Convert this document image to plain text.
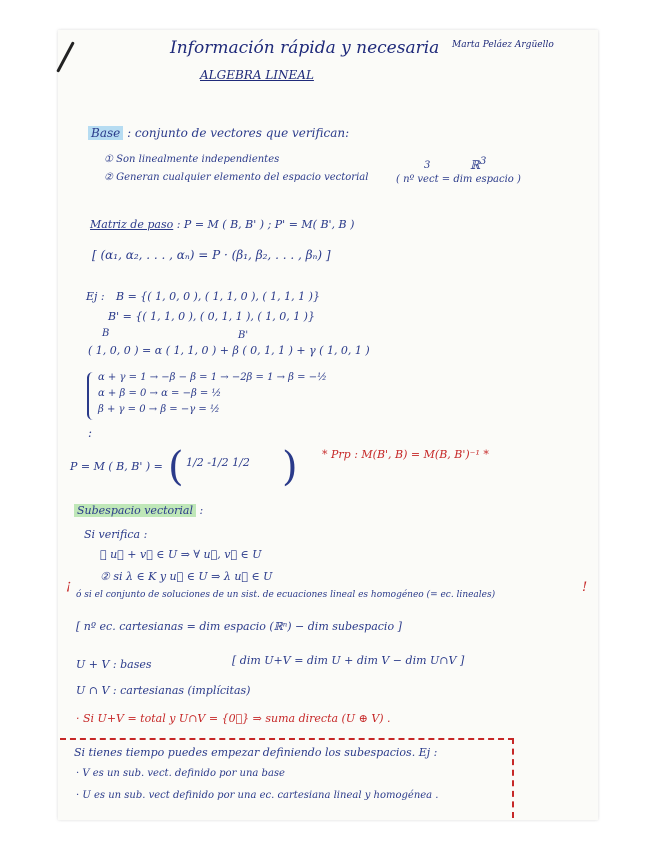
Información rápida y necesaria
ALGEBRA LINEAL
Marta Peláez Argüello
Base : conjunto de vectores que verifican:
① Son linealmente independientes
3	ℝ$^3$
② Generan cualquier elemento del espacio vectorial	( nº vect = dim espacio )
Matriz de paso : P = M ( B, B' ) ; P' = M( B', B )
[ (α₁, α₂, . . . , αₙ) = P · (β₁, β₂, . . . , βₙ) ]
Ej : B = {( 1, 0, 0 ), ( 1, 1, 0 ), ( 1, 1, 1 )}
B' = {( 1, 1, 0 ), ( 0, 1, 1 ), ( 1, 0, 1 )}
B	B'
( 1, 0, 0 ) = α ( 1, 1, 0 ) + β ( 0, 1, 1 ) + γ ( 1, 0, 1 )
α + γ = 1 → −β − β = 1 → −2β = 1 → β = −½
α + β = 0 → α = −β = ½
β + γ = 0 → β = −γ = ½
:
P = M ( B, B' ) = ( 1/2 -1/2 1/2 ) * Prp : M(B', B) = M(B, B')⁻¹ *
Subespacio vectorial :
Si verifica :
① u⃗ + v⃗ ∈ U ⇒ ∀ u⃗, v⃗ ∈ U
② si λ ∈ K y u⃗ ∈ U ⇒ λ u⃗ ∈ U
¡
ó si el conjunto de soluciones de un sist. de ecuaciones lineal es homogéneo (= ec. lineales)	!
[ nº ec. cartesianas = dim espacio (ℝⁿ) − dim subespacio ]
U + V : bases	[ dim U+V = dim U + dim V − dim U∩V ]
U ∩ V : cartesianas (implícitas)
· Si U+V = total y U∩V = {0⃗} ⇒ suma directa (U ⊕ V) .
Si tienes tiempo puedes empezar definiendo los subespacios. Ej :
· V es un sub. vect. definido por una base
· U es un sub. vect definido por una ec. cartesiana lineal y homogénea .
